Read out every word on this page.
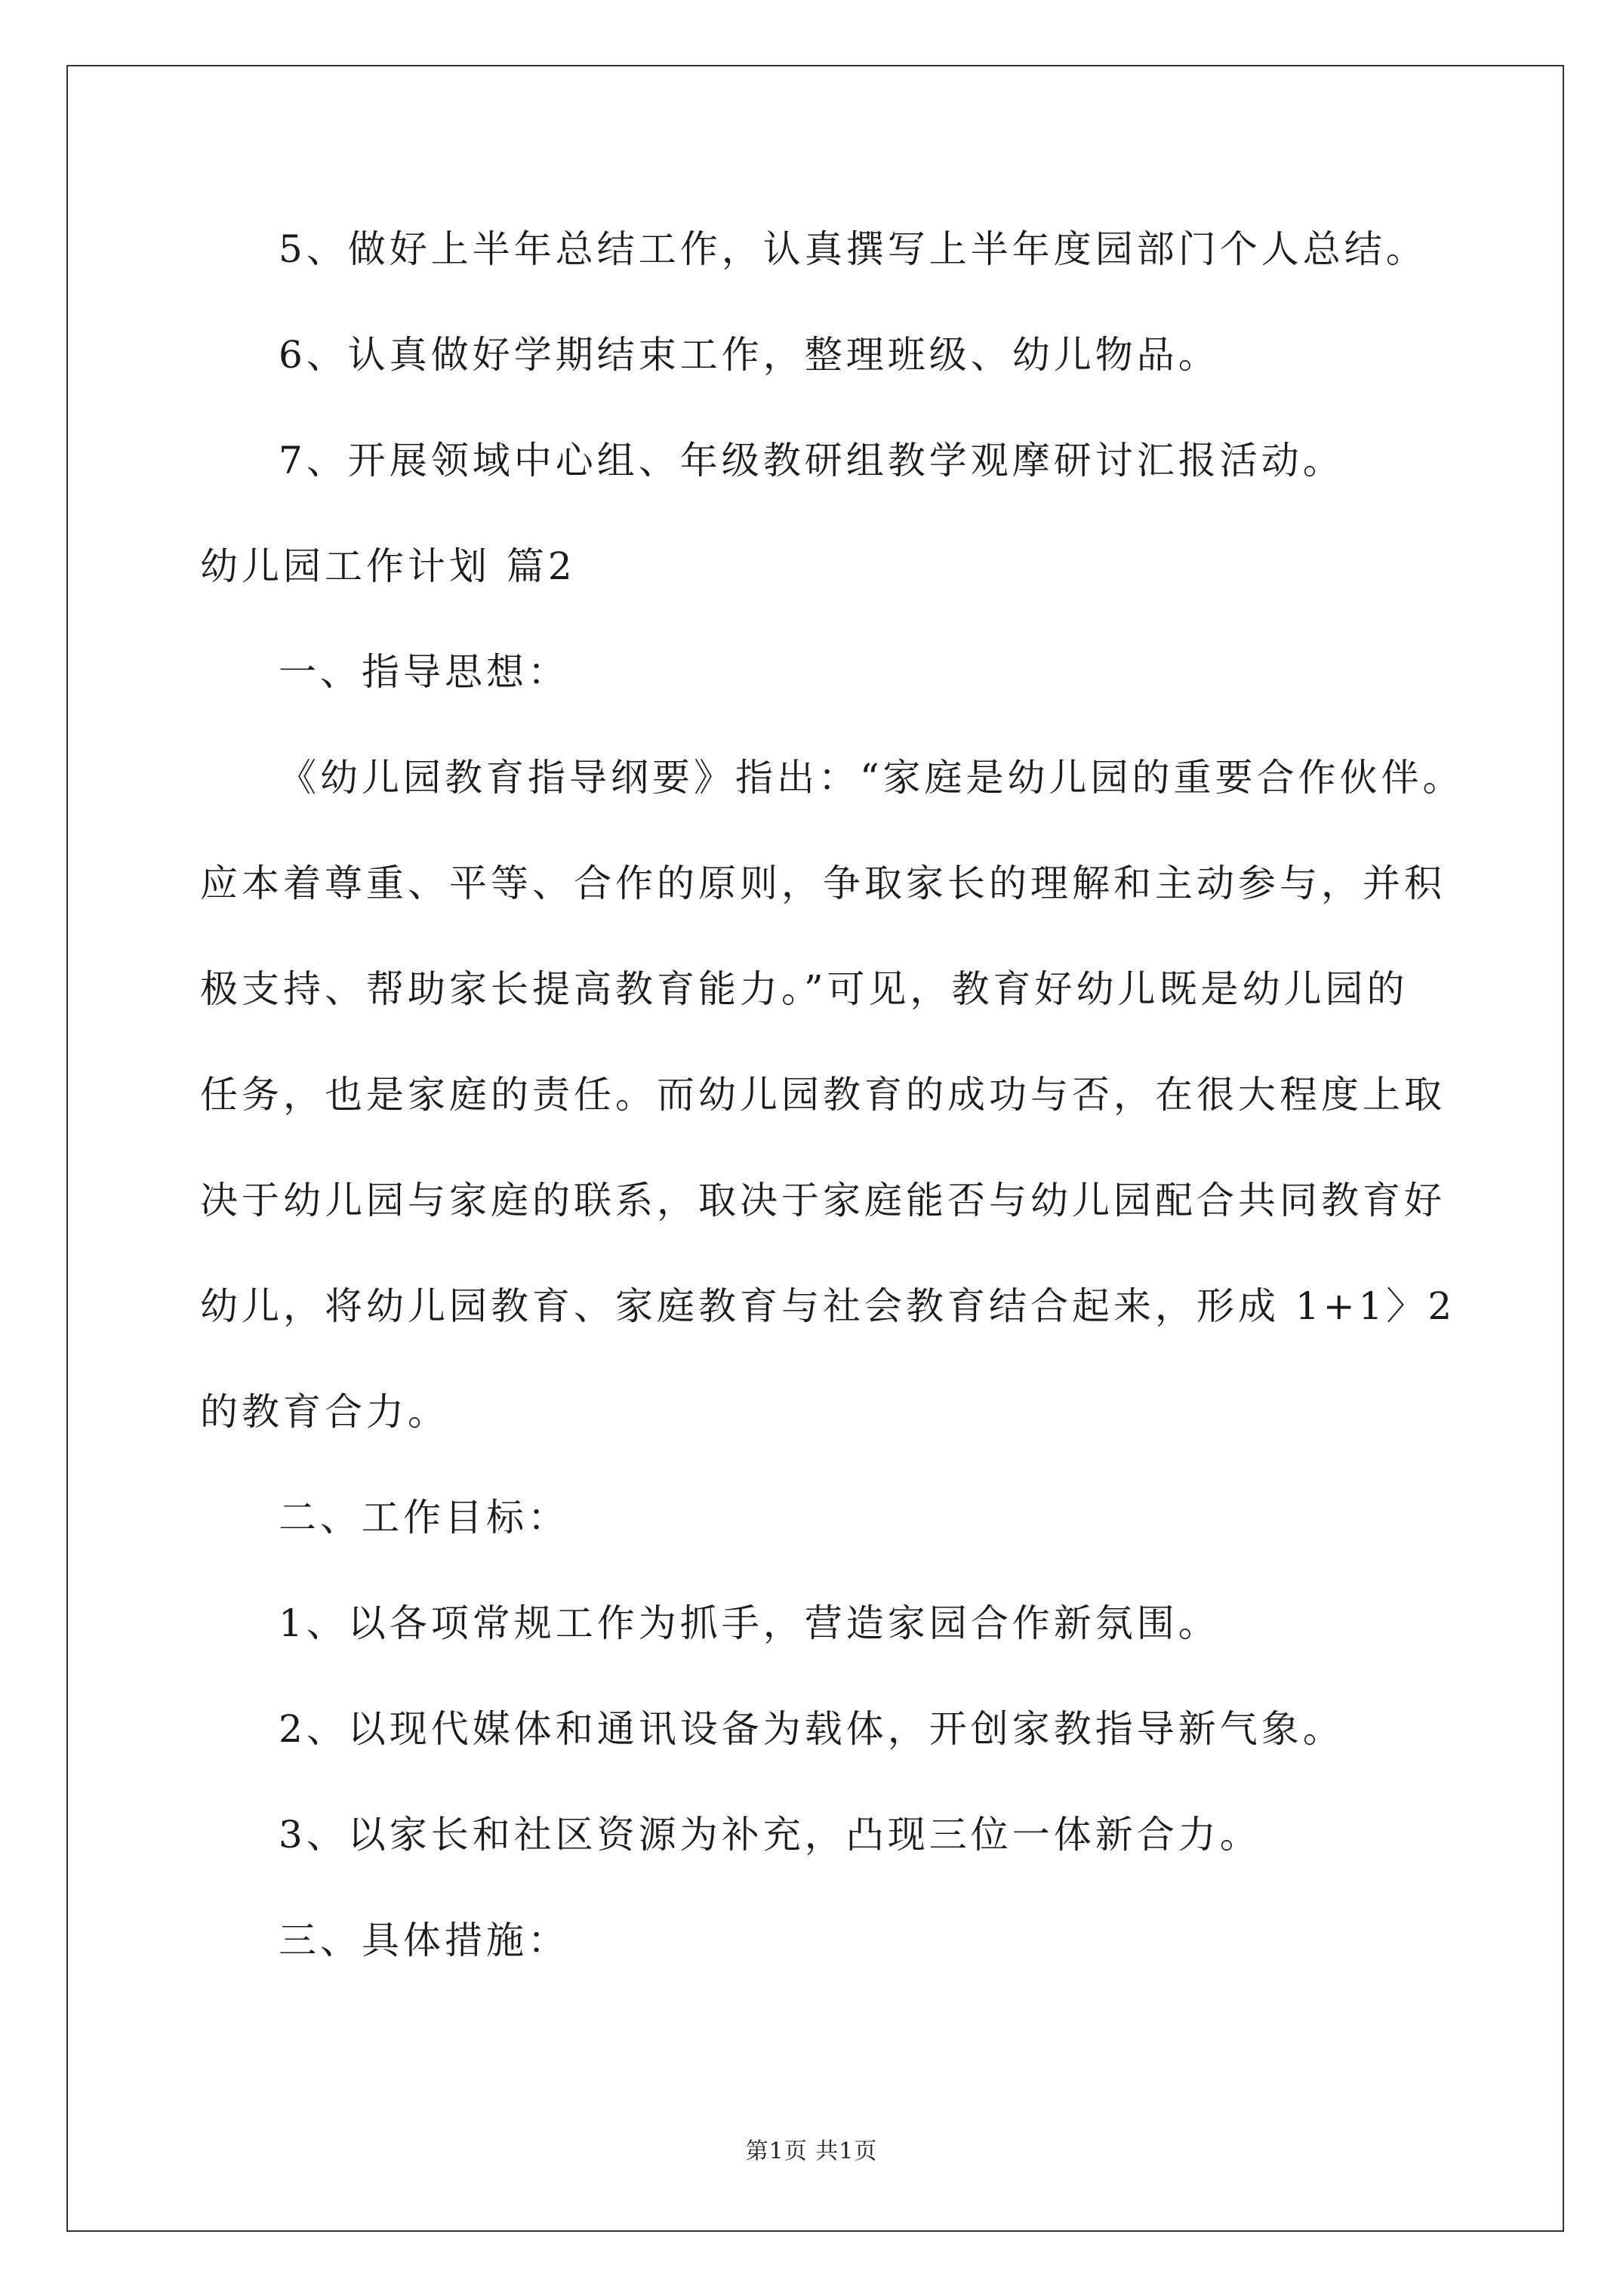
5、做好上半年总结工作，认真撰写上半年度园部门个人总结。

6、认真做好学期结束工作，整理班级、幼儿物品。

7、开展领域中心组、年级教研组教学观摩研讨汇报活动。

幼儿园工作计划 篇2

一、指导思想：

《幼儿园教育指导纲要》指出：“家庭是幼儿园的重要合作伙伴。

应本着尊重、平等、合作的原则，争取家长的理解和主动参与，并积

极支持、帮助家长提高教育能力。”可见，教育好幼儿既是幼儿园的

任务，也是家庭的责任。而幼儿园教育的成功与否，在很大程度上取

决于幼儿园与家庭的联系，取决于家庭能否与幼儿园配合共同教育好

幼儿，将幼儿园教育、家庭教育与社会教育结合起来，形成 1+1〉2

的教育合力。

二、工作目标：

1、以各项常规工作为抓手，营造家园合作新氛围。

2、以现代媒体和通讯设备为载体，开创家教指导新气象。

3、以家长和社区资源为补充，凸现三位一体新合力。

三、具体措施：

第1页 共1页
